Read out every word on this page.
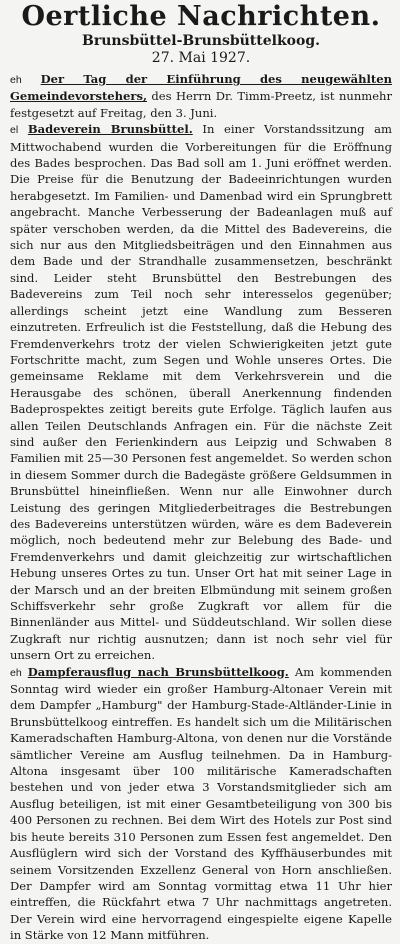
Oertliche Nachrichten.
Brunsbüttel-Brunsbüttelkoog.
27. Mai 1927.

eh Der Tag der Einführung des neugewählten Gemeindevorstehers, des Herrn Dr. Timm-Preetz, ist nunmehr festgesetzt auf Freitag, den 3. Juni.

el Badeverein Brunsbüttel. In einer Vorstandssitzung am Mittwochabend wurden die Vorbereitungen für die Eröffnung des Bades besprochen. Das Bad soll am 1. Juni eröffnet werden. Die Preise für die Benutzung der Badeeinrichtungen wurden herabgesetzt. Im Familien- und Damenbad wird ein Sprungbrett angebracht. Manche Verbesserung der Badeanlagen muß auf später verschoben werden, da die Mittel des Badevereins, die sich nur aus den Mitgliedsbeiträgen und den Einnahmen aus dem Bade und der Strandhalle zusammensetzen, beschränkt sind. Leider steht Brunsbüttel den Bestrebungen des Badevereins zum Teil noch sehr interesselos gegenüber; allerdings scheint jetzt eine Wandlung zum Besseren einzutreten. Erfreulich ist die Feststellung, daß die Hebung des Fremdenverkehrs trotz der vielen Schwierigkeiten jetzt gute Fortschritte macht, zum Segen und Wohle unseres Ortes. Die gemeinsame Reklame mit dem Verkehrsverein und die Herausgabe des schönen, überall Anerkennung findenden Badeprospektes zeitigt bereits gute Erfolge. Täglich laufen aus allen Teilen Deutschlands Anfragen ein. Für die nächste Zeit sind außer den Ferienkindern aus Leipzig und Schwaben 8 Familien mit 25—30 Personen fest angemeldet. So werden schon in diesem Sommer durch die Badegäste größere Geldsummen in Brunsbüttel hineinfließen. Wenn nur alle Einwohner durch Leistung des geringen Mitgliederbeitrages die Bestrebungen des Badevereins unterstützen würden, wäre es dem Badeverein möglich, noch bedeutend mehr zur Belebung des Bade- und Fremdenverkehrs und damit gleichzeitig zur wirtschaftlichen Hebung unseres Ortes zu tun. Unser Ort hat mit seiner Lage in der Marsch und an der breiten Elbmündung mit seinem großen Schiffsverkehr sehr große Zugkraft vor allem für die Binnenländer aus Mittel- und Süddeutschland. Wir sollen diese Zugkraft nur richtig ausnutzen; dann ist noch sehr viel für unsern Ort zu erreichen.

eh Dampferausflug nach Brunsbüttelkoog. Am kommenden Sonntag wird wieder ein großer Hamburg-Altonaer Verein mit dem Dampfer „Hamburg" der Hamburg-Stade-Altländer-Linie in Brunsbüttelkoog eintreffen. Es handelt sich um die Militärischen Kameradschaften Hamburg-Altona, von denen nur die Vorstände sämtlicher Vereine am Ausflug teilnehmen. Da in Hamburg-Altona insgesamt über 100 militärische Kameradschaften bestehen und von jeder etwa 3 Vorstandsmitglieder sich am Ausflug beteiligen, ist mit einer Gesamtbeteiligung von 300 bis 400 Personen zu rechnen. Bei dem Wirt des Hotels zur Post sind bis heute bereits 310 Personen zum Essen fest angemeldet. Den Ausflüglern wird sich der Vorstand des Kyffhäuserbundes mit seinem Vorsitzenden Exzellenz General von Horn anschließen. Der Dampfer wird am Sonntag vormittag etwa 11 Uhr hier eintreffen, die Rückfahrt etwa 7 Uhr nachmittags angetreten. Der Verein wird eine hervorragend eingespielte eigene Kapelle in Stärke von 12 Mann mitführen.
